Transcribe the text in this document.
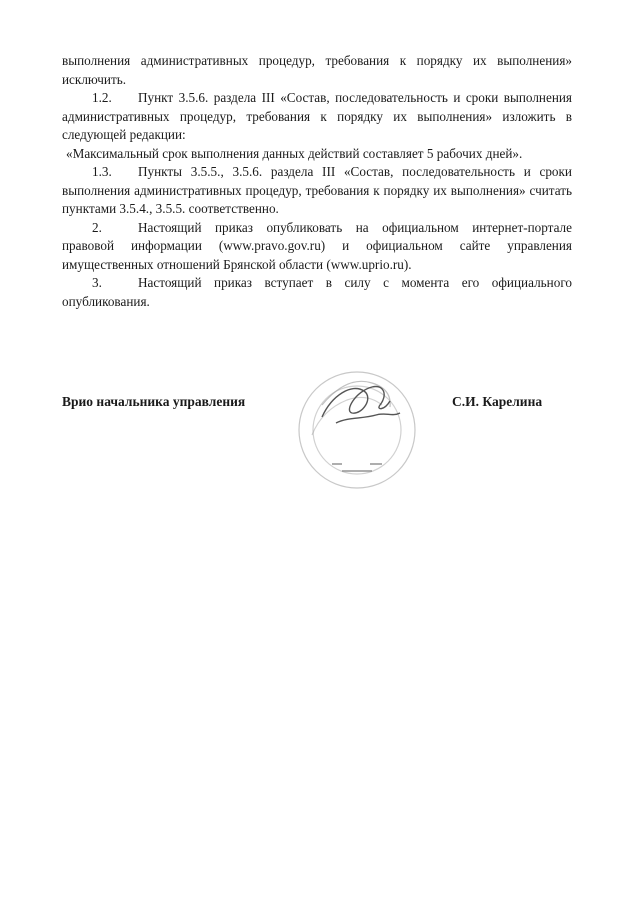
выполнения административных процедур, требования к порядку их выполнения» исключить.

1.2. Пункт 3.5.6. раздела III «Состав, последовательность и сроки выполнения административных процедур, требования к порядку их выполнения» изложить в следующей редакции:

«Максимальный срок выполнения данных действий составляет 5 рабочих дней».

1.3. Пункты 3.5.5., 3.5.6. раздела III «Состав, последовательность и сроки выполнения административных процедур, требования к порядку их выполнения» считать пунктами 3.5.4., 3.5.5. соответственно.

2.	Настоящий приказ опубликовать на официальном интернет-портале правовой информации (www.pravo.gov.ru) и официальном сайте управления имущественных отношений Брянской области (www.uprio.ru).

3.	Настоящий приказ вступает в силу с момента его официального опубликования.

Врио начальника управления	С.И. Карелина
